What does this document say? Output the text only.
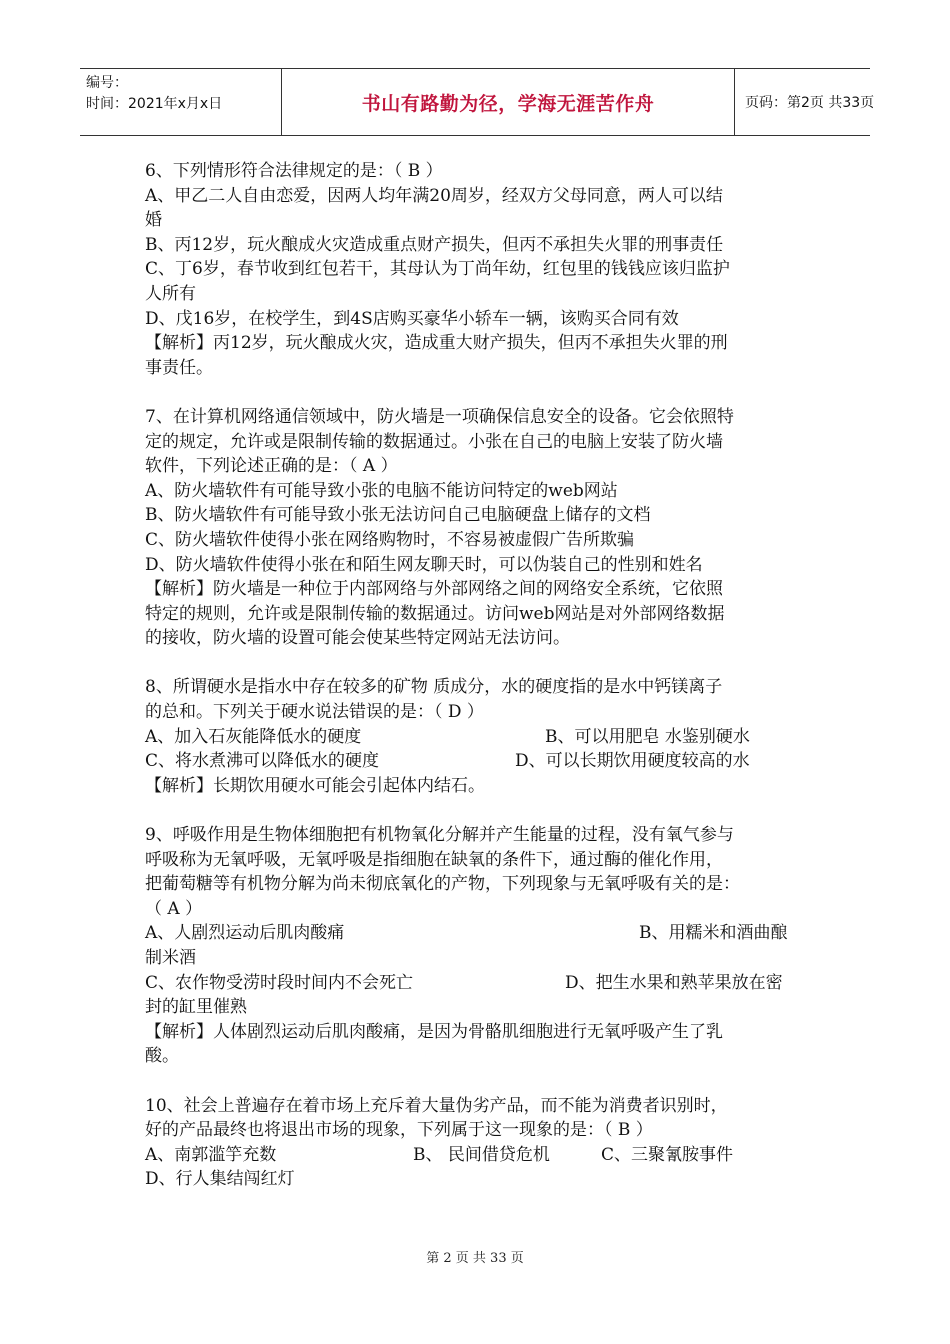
编号：
时间：2021年x月x日	书山有路勤为径，学海无涯苦作舟	页码：第2页 共33页
6、下列情形符合法律规定的是：（ B ）
A、甲乙二人自由恋爱，因两人均年满20周岁，经双方父母同意，两人可以结
婚
B、丙12岁，玩火酿成火灾造成重点财产损失，但丙不承担失火罪的刑事责任
C、丁6岁，春节收到红包若干，其母认为丁尚年幼，红包里的钱钱应该归监护
人所有
D、戊16岁，在校学生，到4S店购买豪华小轿车一辆，该购买合同有效
【解析】丙12岁，玩火酿成火灾，造成重大财产损失，但丙不承担失火罪的刑
事责任。
7、在计算机网络通信领域中，防火墙是一项确保信息安全的设备。它会依照特
定的规定，允许或是限制传输的数据通过。小张在自己的电脑上安装了防火墙
软件，下列论述正确的是：（ A ）
A、防火墙软件有可能导致小张的电脑不能访问特定的web网站
B、防火墙软件有可能导致小张无法访问自己电脑硬盘上储存的文档
C、防火墙软件使得小张在网络购物时，不容易被虚假广告所欺骗
D、防火墙软件使得小张在和陌生网友聊天时，可以伪装自己的性别和姓名
【解析】防火墙是一种位于内部网络与外部网络之间的网络安全系统，它依照
特定的规则，允许或是限制传输的数据通过。访问web网站是对外部网络数据
的接收，防火墙的设置可能会使某些特定网站无法访问。
8、所谓硬水是指水中存在较多的矿物 质成分，水的硬度指的是水中钙镁离子
的总和。下列关于硬水说法错误的是：（ D ）
A、加入石灰能降低水的硬度	B、可以用肥皂 水鉴别硬水
C、将水煮沸可以降低水的硬度	D、可以长期饮用硬度较高的水
【解析】长期饮用硬水可能会引起体内结石。
9、呼吸作用是生物体细胞把有机物氧化分解并产生能量的过程，没有氧气参与
呼吸称为无氧呼吸，无氧呼吸是指细胞在缺氧的条件下，通过酶的催化作用，
把葡萄糖等有机物分解为尚未彻底氧化的产物，下列现象与无氧呼吸有关的是：
（ A ）
A、人剧烈运动后肌肉酸痛	B、用糯米和酒曲酿
制米酒
C、农作物受涝时段时间内不会死亡	D、把生水果和熟苹果放在密
封的缸里催熟
【解析】人体剧烈运动后肌肉酸痛，是因为骨骼肌细胞进行无氧呼吸产生了乳
酸。
10、社会上普遍存在着市场上充斥着大量伪劣产品，而不能为消费者识别时，
好的产品最终也将退出市场的现象，下列属于这一现象的是：（ B ）
A、南郭滥竽充数	B、 民间借贷危机	C、三聚氰胺事件
D、行人集结闯红灯
第 2 页 共 33 页
